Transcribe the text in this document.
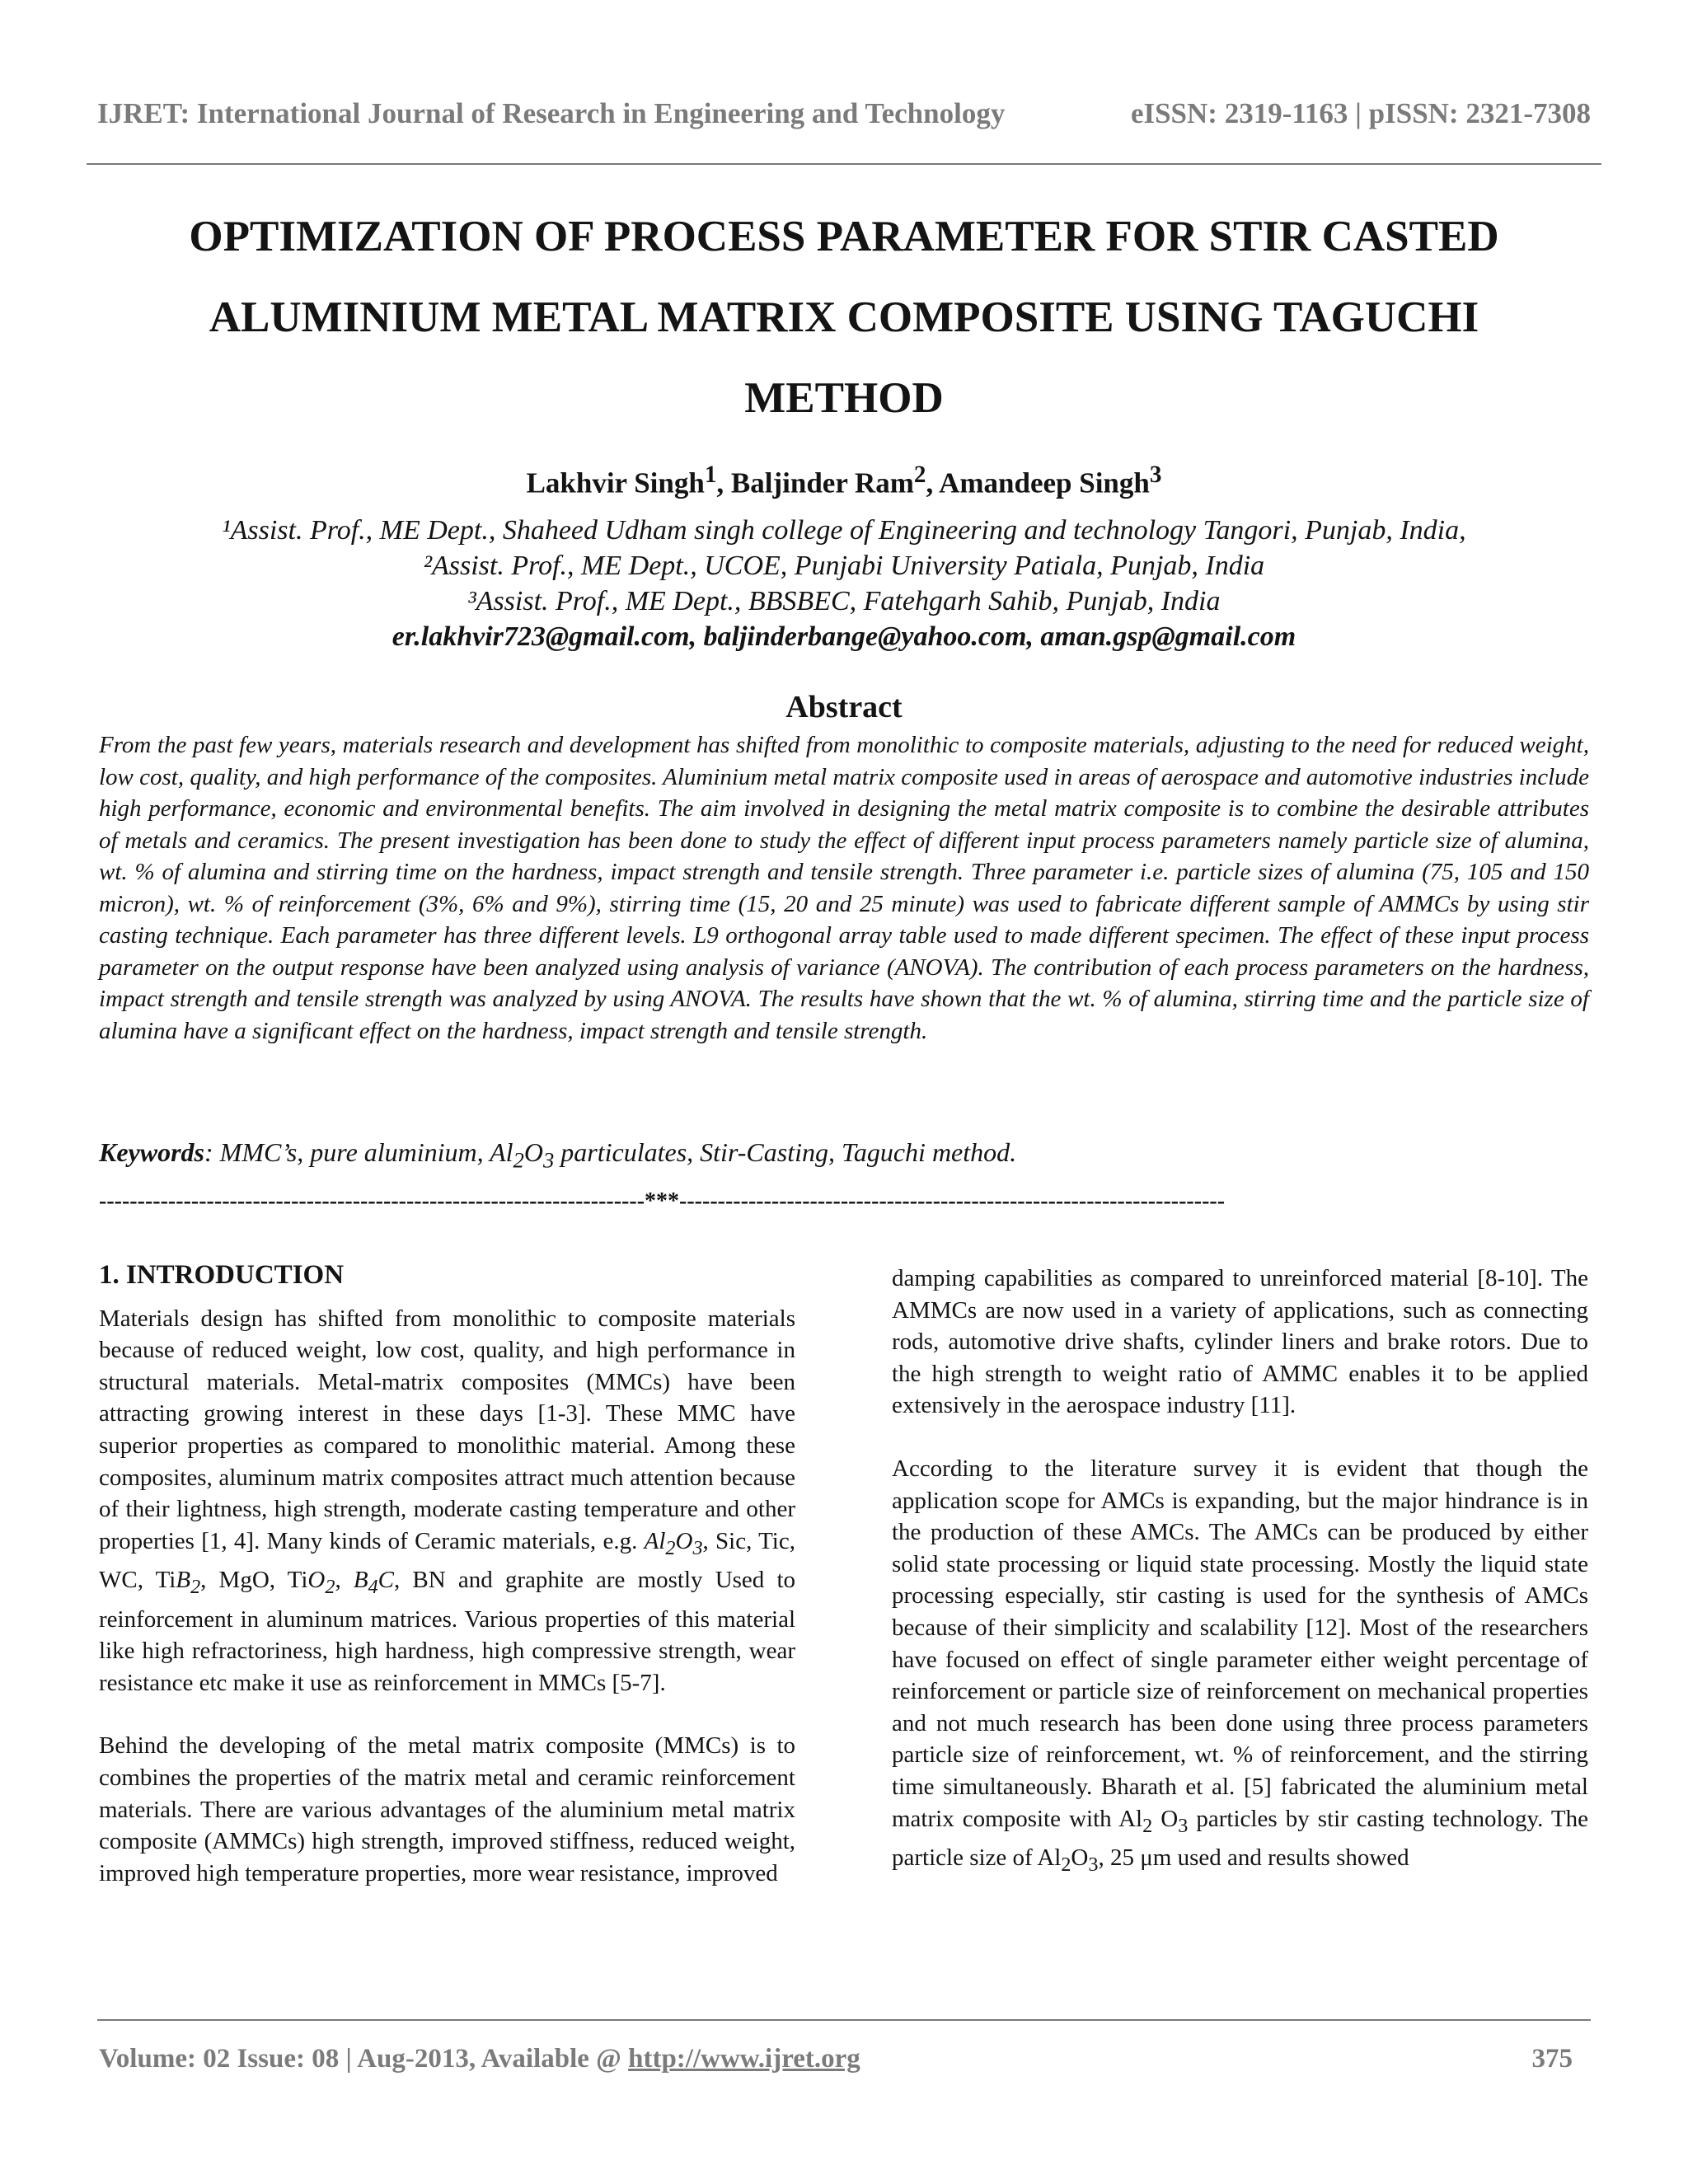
IJRET: International Journal of Research in Engineering and Technology	eISSN: 2319-1163 | pISSN: 2321-7308
OPTIMIZATION OF PROCESS PARAMETER FOR STIR CASTED ALUMINIUM METAL MATRIX COMPOSITE USING TAGUCHI METHOD
Lakhvir Singh$^1$, Baljinder Ram$^2$, Amandeep Singh$^3$
¹Assist. Prof., ME Dept., Shaheed Udham singh college of Engineering and technology Tangori, Punjab, India,
²Assist. Prof., ME Dept., UCOE, Punjabi University Patiala, Punjab, India
³Assist. Prof., ME Dept., BBSBEC, Fatehgarh Sahib, Punjab, India
er.lakhvir723@gmail.com, baljinderbange@yahoo.com, aman.gsp@gmail.com
Abstract

From the past few years, materials research and development has shifted from monolithic to composite materials, adjusting to the need for reduced weight, low cost, quality, and high performance of the composites. Aluminium metal matrix composite used in areas of aerospace and automotive industries include high performance, economic and environmental benefits. The aim involved in designing the metal matrix composite is to combine the desirable attributes of metals and ceramics. The present investigation has been done to study the effect of different input process parameters namely particle size of alumina, wt. % of alumina and stirring time on the hardness, impact strength and tensile strength. Three parameter i.e. particle sizes of alumina (75, 105 and 150 micron), wt. % of reinforcement (3%, 6% and 9%), stirring time (15, 20 and 25 minute) was used to fabricate different sample of AMMCs by using stir casting technique. Each parameter has three different levels. L9 orthogonal array table used to made different specimen. The effect of these input process parameter on the output response have been analyzed using analysis of variance (ANOVA). The contribution of each process parameters on the hardness, impact strength and tensile strength was analyzed by using ANOVA. The results have shown that the wt. % of alumina, stirring time and the particle size of alumina have a significant effect on the hardness, impact strength and tensile strength.

Keywords: MMC’s, pure aluminium, $Al_2O_3$ particulates, Stir-Casting, Taguchi method.
-----------------------------------------------------------------------***-----------------------------------------------------------------------
1. INTRODUCTION

Materials design has shifted from monolithic to composite materials because of reduced weight, low cost, quality, and high performance in structural materials. Metal-matrix composites (MMCs) have been attracting growing interest in these days [1-3]. These MMC have superior properties as compared to monolithic material. Among these composites, aluminum matrix composites attract much attention because of their lightness, high strength, moderate casting temperature and other properties [1, 4]. Many kinds of Ceramic materials, e.g. $Al_2O_3$, Sic, Tic, WC, TiB$_2$, MgO, TiO$_2$, $B_4C$, BN and graphite are mostly Used to reinforcement in aluminum matrices. Various properties of this material like high refractoriness, high hardness, high compressive strength, wear resistance etc make it use as reinforcement in MMCs [5-7].

Behind the developing of the metal matrix composite (MMCs) is to combines the properties of the matrix metal and ceramic reinforcement materials. There are various advantages of the aluminium metal matrix composite (AMMCs) high strength, improved stiffness, reduced weight, improved high temperature properties, more wear resistance, improved

damping capabilities as compared to unreinforced material [8-10]. The AMMCs are now used in a variety of applications, such as connecting rods, automotive drive shafts, cylinder liners and brake rotors. Due to the high strength to weight ratio of AMMC enables it to be applied extensively in the aerospace industry [11].

According to the literature survey it is evident that though the application scope for AMCs is expanding, but the major hindrance is in the production of these AMCs. The AMCs can be produced by either solid state processing or liquid state processing. Mostly the liquid state processing especially, stir casting is used for the synthesis of AMCs because of their simplicity and scalability [12]. Most of the researchers have focused on effect of single parameter either weight percentage of reinforcement or particle size of reinforcement on mechanical properties and not much research has been done using three process parameters particle size of reinforcement, wt. % of reinforcement, and the stirring time simultaneously. Bharath et al. [5] fabricated the aluminium metal matrix composite with $Al_2$ $O_3$ particles by stir casting technology. The particle size of $Al_2O_3$, 25 μm used and results showed

Volume: 02 Issue: 08 | Aug-2013, Available @ http://www.ijret.org	375
